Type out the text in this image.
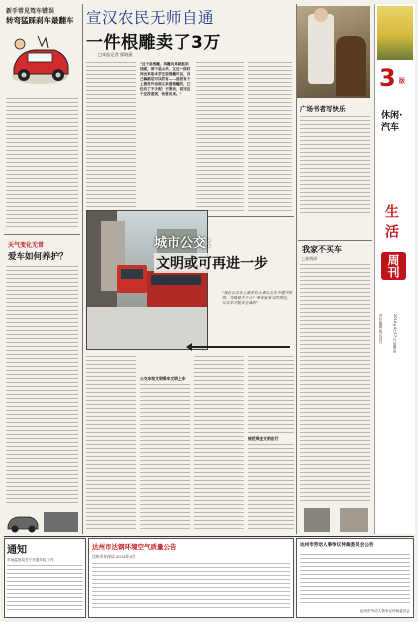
新手常见驾车错误
转弯猛踩刹车最翻车
天气变化无常
爱车如何养护？
宣汉农民无师自通
一件根雕卖了3万
□本报记者 廖晓燕
"这个是根雕，再雕出来就能卖钱呢，那个是山羊，又过一段时间会来取本学生说根雕可以，自己嘛都是可以的有……前段有个上游县外里面又来看根雕的，已经有了不少呢！不要动，说完这个还没看到，快要出来。"
城市公交：
文明或可再进一步
□本报记者 李德金 梁德乐
"我在公交车上看见有人乘公交车不遵守规则，为啥看不下去？乘客要多文明规范，公交车才能安全准时"
公交车站文明乘车文明上车
规范乘坐文明出行
广场书者写快乐
我家不买车
□张海涛
3 版
休闲·汽车
生活
周刊
责任编辑 版式设计	2014年4月17日 星期四
通知
市场监管局关于开展年检工作
达州市达钢环境空气质量公告
达州市环保局 2014年4月
达州市劳动人事争议仲裁委员会公告
达州市劳动人事争议仲裁委员会
